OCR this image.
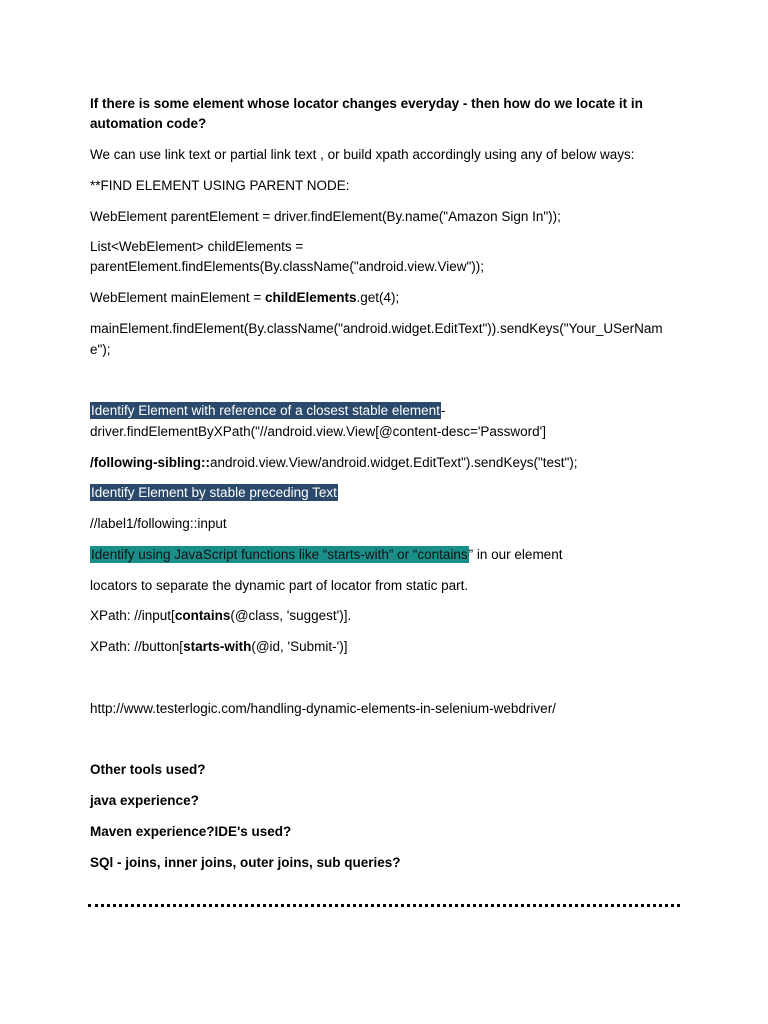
If there is some element whose locator changes everyday - then how do we locate it in
automation code?
We can use link text or partial link text , or build xpath accordingly using any of below ways:
**FIND ELEMENT USING PARENT NODE:
WebElement parentElement = driver.findElement(By.name("Amazon Sign In"));
List<WebElement> childElements =
parentElement.findElements(By.className("android.view.View"));
WebElement mainElement = childElements.get(4);
mainElement.findElement(By.className("android.widget.EditText")).sendKeys("Your_USerNam
e");
Identify Element with reference of a closest stable element-
driver.findElementByXPath("//android.view.View[@content-desc='Password']
/following-sibling::android.view.View/android.widget.EditText").sendKeys("test");
Identify Element by stable preceding Text
//label1/following::input
Identify using JavaScript functions like “starts-with” or “contains” in our element
locators to separate the dynamic part of locator from static part.
XPath: //input[contains(@class, 'suggest')].
XPath: //button[starts-with(@id, 'Submit-')]
http://www.testerlogic.com/handling-dynamic-elements-in-selenium-webdriver/
Other tools used?
java experience?
Maven experience?IDE's used?
SQl - joins, inner joins, outer joins, sub queries?
